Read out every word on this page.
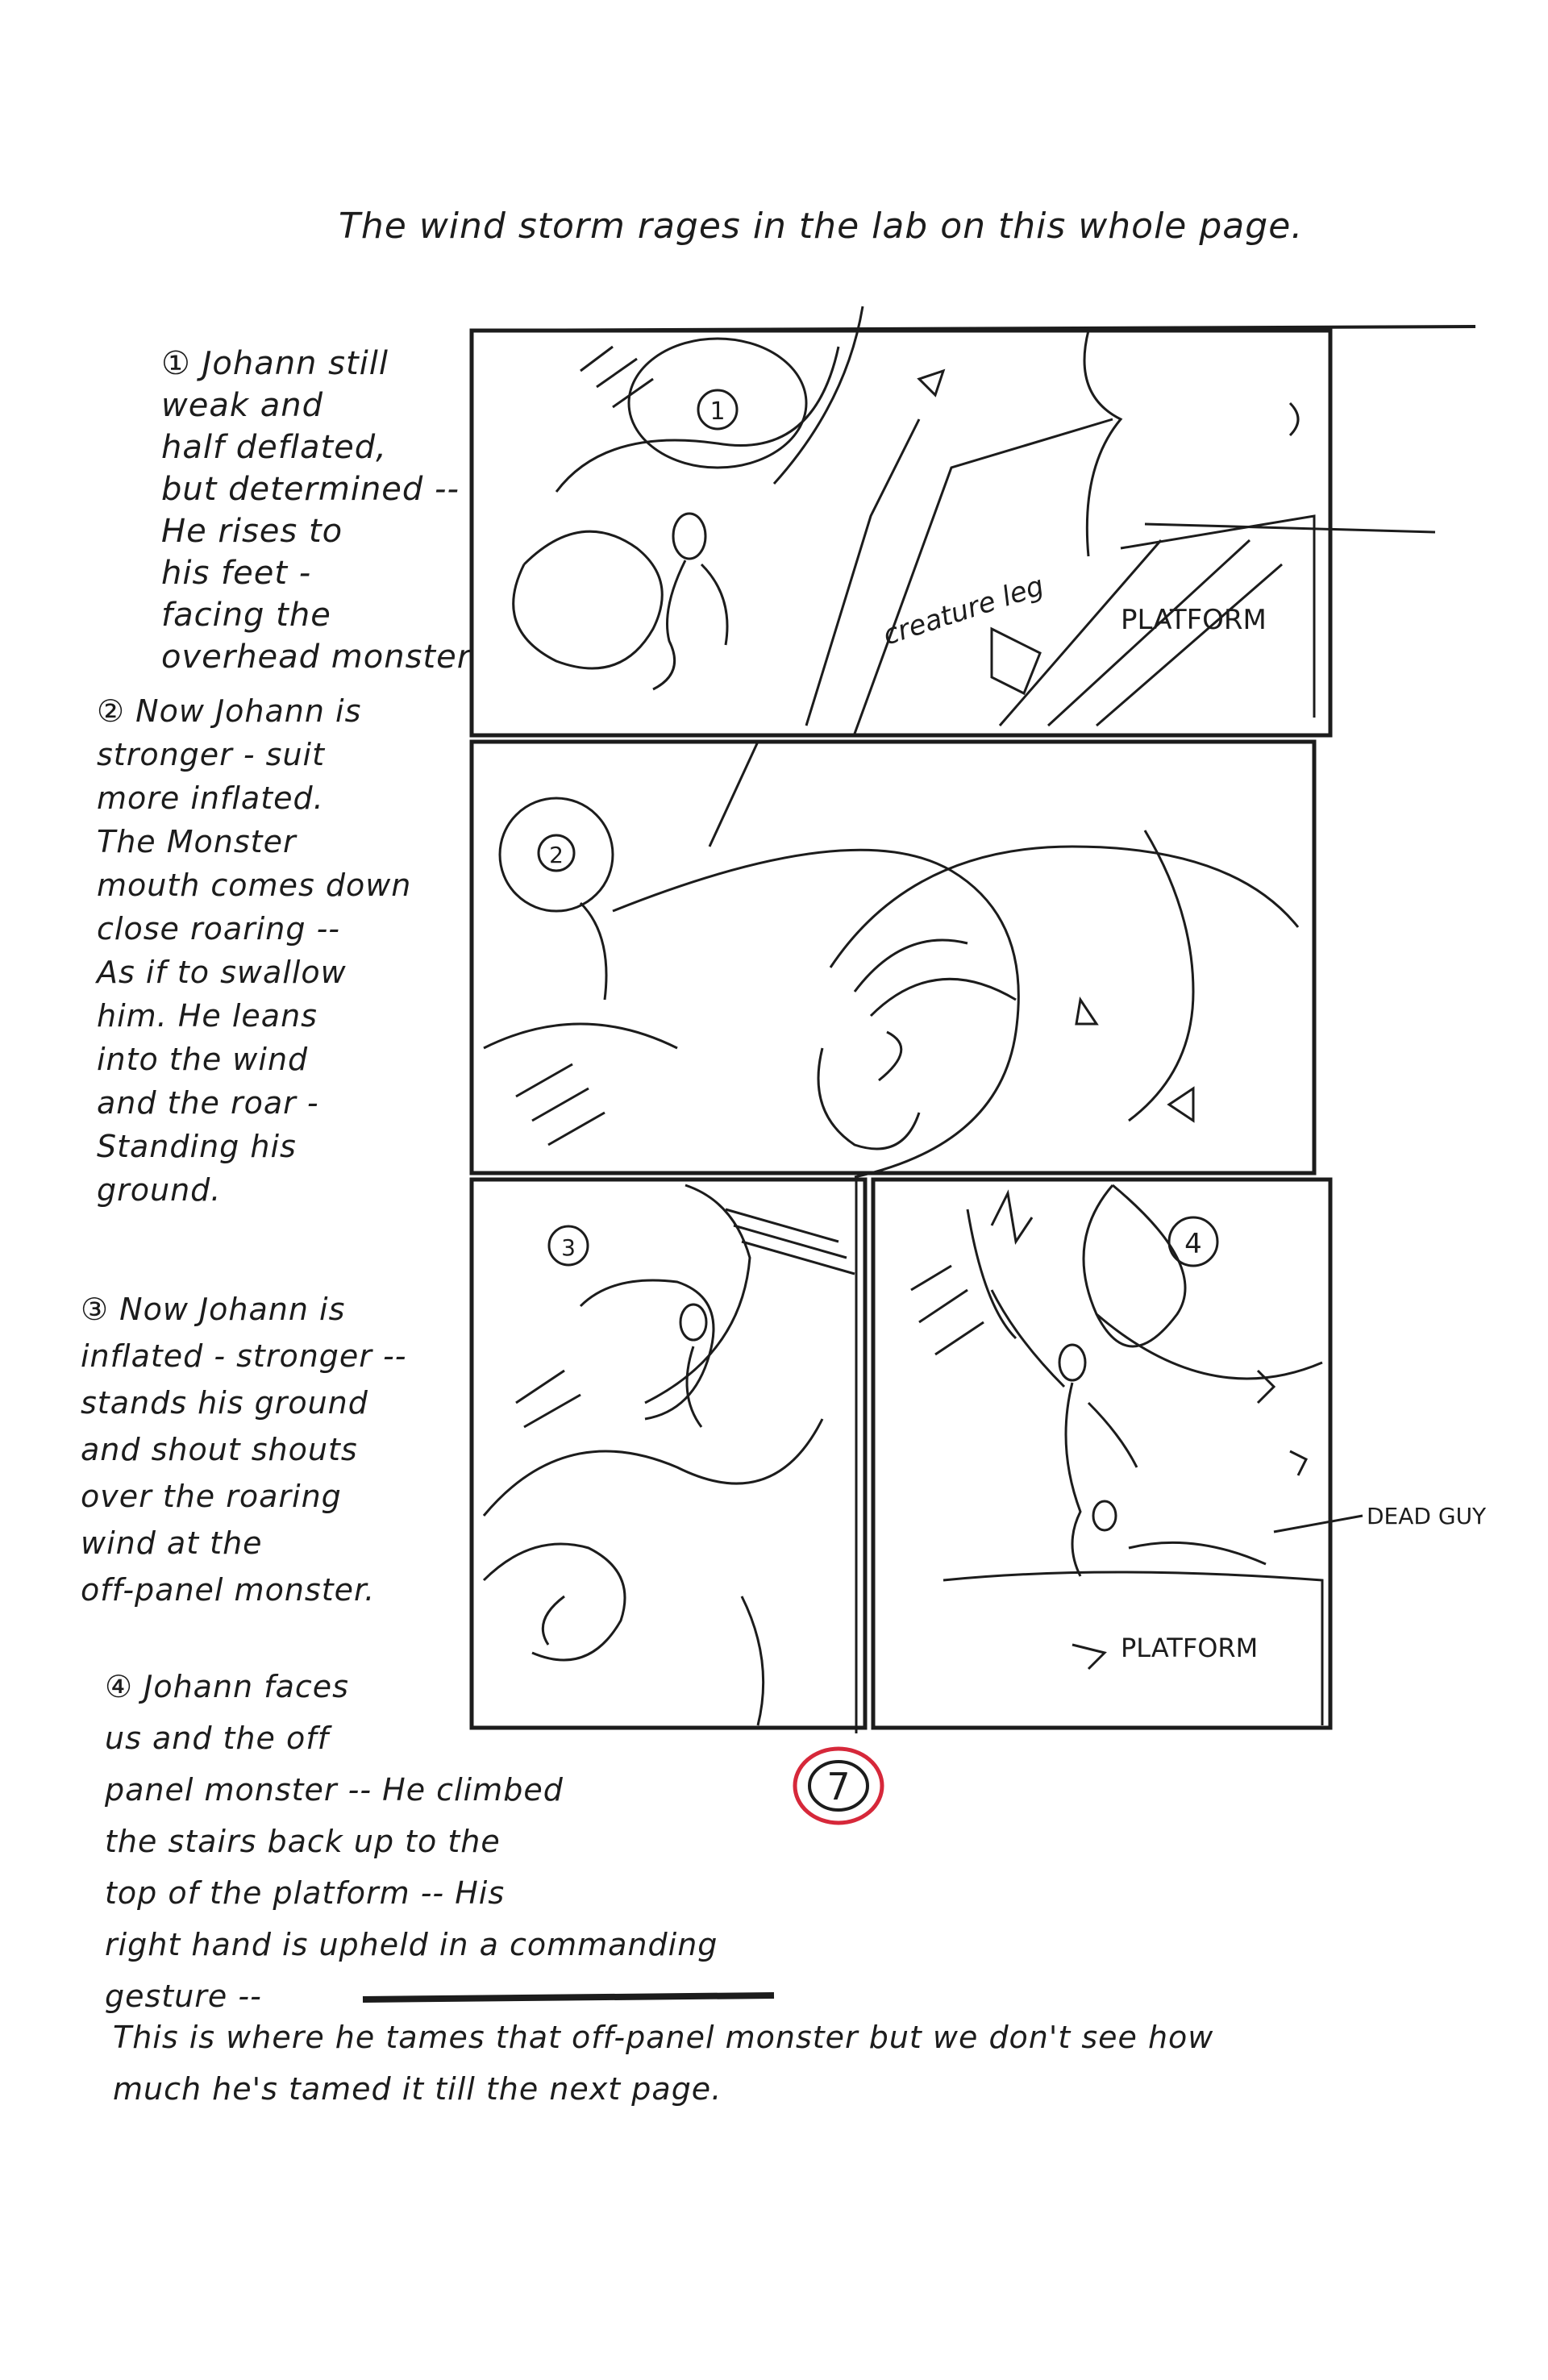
1
creature leg	PLATFORM
2
3	4
PLATFORM
DEAD GUY
7
The wind storm rages in the lab on this whole page.
① Johann still
weak and
half deflated,
but determined --
He rises to
his feet -
facing the
overhead monster
② Now Johann is
stronger - suit
more inflated.
The Monster
mouth comes down
close roaring --
As if to swallow
him. He leans
into the wind
and the roar -
Standing his
ground.
③ Now Johann is
inflated - stronger --
stands his ground
and shout shouts
over the roaring
wind at the
off-panel monster.
④ Johann faces
us and the off
panel monster -- He climbed
the stairs back up to the
top of the platform -- His
right hand is upheld in a commanding
gesture --
This is where he tames that off-panel monster but we don't see how
much he's tamed it till the next page.
